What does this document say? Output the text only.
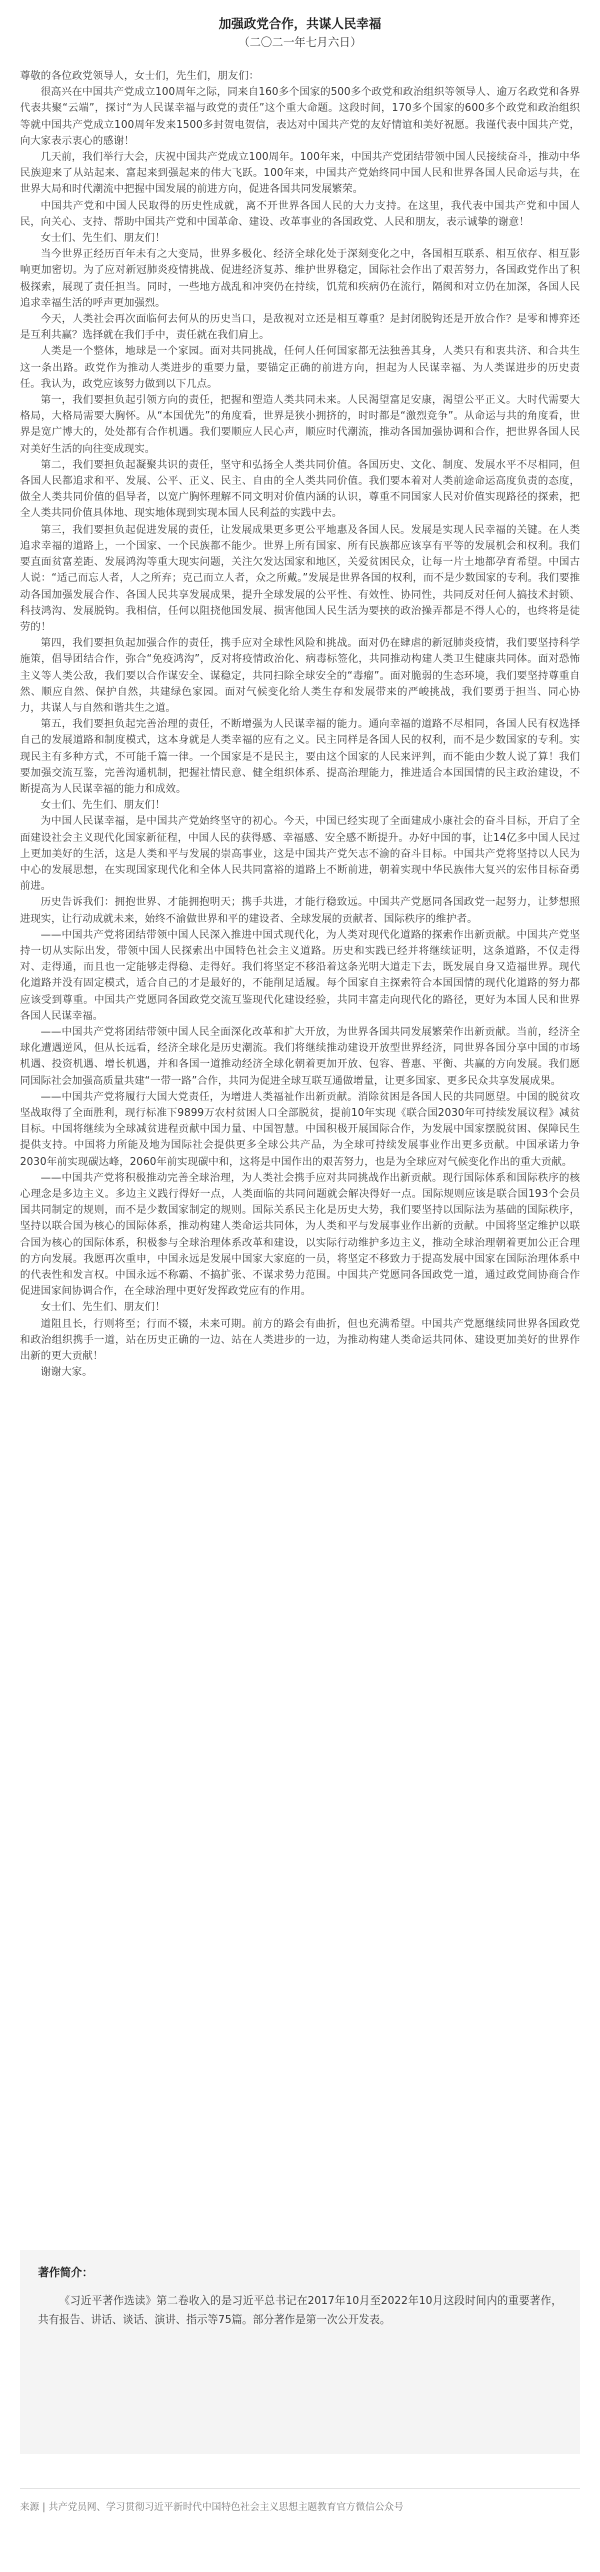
加强政党合作，共谋人民幸福
（二〇二一年七月六日）

尊敬的各位政党领导人，女士们，先生们，朋友们：

很高兴在中国共产党成立100周年之际，同来自160多个国家的500多个政党和政治组织等领导人、逾万名政党和各界代表共聚“云端”，探讨“为人民谋幸福与政党的责任”这个重大命题。这段时间，170多个国家的600多个政党和政治组织等就中国共产党成立100周年发来1500多封贺电贺信，表达对中国共产党的友好情谊和美好祝愿。我谨代表中国共产党，向大家表示衷心的感谢！

几天前，我们举行大会，庆祝中国共产党成立100周年。100年来，中国共产党团结带领中国人民接续奋斗，推动中华民族迎来了从站起来、富起来到强起来的伟大飞跃。100年来，中国共产党始终同中国人民和世界各国人民命运与共，在世界大局和时代潮流中把握中国发展的前进方向，促进各国共同发展繁荣。

中国共产党和中国人民取得的历史性成就，离不开世界各国人民的大力支持。在这里，我代表中国共产党和中国人民，向关心、支持、帮助中国共产党和中国革命、建设、改革事业的各国政党、人民和朋友，表示诚挚的谢意！

女士们、先生们、朋友们！

当今世界正经历百年未有之大变局，世界多极化、经济全球化处于深刻变化之中，各国相互联系、相互依存、相互影响更加密切。为了应对新冠肺炎疫情挑战、促进经济复苏、维护世界稳定，国际社会作出了艰苦努力，各国政党作出了积极探索，展现了责任担当。同时，一些地方战乱和冲突仍在持续，饥荒和疾病仍在流行，隔阂和对立仍在加深，各国人民追求幸福生活的呼声更加强烈。

今天，人类社会再次面临何去何从的历史当口，是敌视对立还是相互尊重？是封闭脱钩还是开放合作？是零和博弈还是互利共赢？选择就在我们手中，责任就在我们肩上。

人类是一个整体，地球是一个家园。面对共同挑战，任何人任何国家都无法独善其身，人类只有和衷共济、和合共生这一条出路。政党作为推动人类进步的重要力量，要锚定正确的前进方向，担起为人民谋幸福、为人类谋进步的历史责任。我认为，政党应该努力做到以下几点。

第一，我们要担负起引领方向的责任，把握和塑造人类共同未来。人民渴望富足安康，渴望公平正义。大时代需要大格局，大格局需要大胸怀。从“本国优先”的角度看，世界是狭小拥挤的，时时都是“激烈竞争”。从命运与共的角度看，世界是宽广博大的，处处都有合作机遇。我们要顺应人民心声，顺应时代潮流，推动各国加强协调和合作，把世界各国人民对美好生活的向往变成现实。

第二，我们要担负起凝聚共识的责任，坚守和弘扬全人类共同价值。各国历史、文化、制度、发展水平不尽相同，但各国人民都追求和平、发展、公平、正义、民主、自由的全人类共同价值。我们要本着对人类前途命运高度负责的态度，做全人类共同价值的倡导者，以宽广胸怀理解不同文明对价值内涵的认识，尊重不同国家人民对价值实现路径的探索，把全人类共同价值具体地、现实地体现到实现本国人民利益的实践中去。

第三，我们要担负起促进发展的责任，让发展成果更多更公平地惠及各国人民。发展是实现人民幸福的关键。在人类追求幸福的道路上，一个国家、一个民族都不能少。世界上所有国家、所有民族都应该享有平等的发展机会和权利。我们要直面贫富差距、发展鸿沟等重大现实问题，关注欠发达国家和地区，关爱贫困民众，让每一片土地都孕育希望。中国古人说：“适己而忘人者，人之所弃；克己而立人者，众之所戴。”发展是世界各国的权利，而不是少数国家的专利。我们要推动各国加强发展合作、各国人民共享发展成果，提升全球发展的公平性、有效性、协同性，共同反对任何人搞技术封锁、科技鸿沟、发展脱钩。我相信，任何以阻挠他国发展、损害他国人民生活为要挟的政治操弄都是不得人心的，也终将是徒劳的！

第四，我们要担负起加强合作的责任，携手应对全球性风险和挑战。面对仍在肆虐的新冠肺炎疫情，我们要坚持科学施策，倡导团结合作，弥合“免疫鸿沟”，反对将疫情政治化、病毒标签化，共同推动构建人类卫生健康共同体。面对恐怖主义等人类公敌，我们要以合作谋安全、谋稳定，共同扫除全球安全的“毒瘤”。面对脆弱的生态环境，我们要坚持尊重自然、顺应自然、保护自然，共建绿色家园。面对气候变化给人类生存和发展带来的严峻挑战，我们要勇于担当、同心协力，共谋人与自然和谐共生之道。

第五，我们要担负起完善治理的责任，不断增强为人民谋幸福的能力。通向幸福的道路不尽相同，各国人民有权选择自己的发展道路和制度模式，这本身就是人类幸福的应有之义。民主同样是各国人民的权利，而不是少数国家的专利。实现民主有多种方式，不可能千篇一律。一个国家是不是民主，要由这个国家的人民来评判，而不能由少数人说了算！我们要加强交流互鉴，完善沟通机制，把握社情民意、健全组织体系、提高治理能力，推进适合本国国情的民主政治建设，不断提高为人民谋幸福的能力和成效。

女士们、先生们、朋友们！

为中国人民谋幸福，是中国共产党始终坚守的初心。今天，中国已经实现了全面建成小康社会的奋斗目标，开启了全面建设社会主义现代化国家新征程，中国人民的获得感、幸福感、安全感不断提升。办好中国的事，让14亿多中国人民过上更加美好的生活，这是人类和平与发展的崇高事业，这是中国共产党矢志不渝的奋斗目标。中国共产党将坚持以人民为中心的发展思想，在实现国家现代化和全体人民共同富裕的道路上不断前进，朝着实现中华民族伟大复兴的宏伟目标奋勇前进。

历史告诉我们：拥抱世界、才能拥抱明天；携手共进，才能行稳致远。中国共产党愿同各国政党一起努力，让梦想照进现实，让行动成就未来，始终不渝做世界和平的建设者、全球发展的贡献者、国际秩序的维护者。

——中国共产党将团结带领中国人民深入推进中国式现代化，为人类对现代化道路的探索作出新贡献。中国共产党坚持一切从实际出发，带领中国人民探索出中国特色社会主义道路。历史和实践已经并将继续证明，这条道路，不仅走得对、走得通，而且也一定能够走得稳、走得好。我们将坚定不移沿着这条光明大道走下去，既发展自身又造福世界。现代化道路并没有固定模式，适合自己的才是最好的，不能削足适履。每个国家自主探索符合本国国情的现代化道路的努力都应该受到尊重。中国共产党愿同各国政党交流互鉴现代化建设经验，共同丰富走向现代化的路径，更好为本国人民和世界各国人民谋幸福。

——中国共产党将团结带领中国人民全面深化改革和扩大开放，为世界各国共同发展繁荣作出新贡献。当前，经济全球化遭遇逆风，但从长远看，经济全球化是历史潮流。我们将继续推动建设开放型世界经济，同世界各国分享中国的市场机遇、投资机遇、增长机遇，并和各国一道推动经济全球化朝着更加开放、包容、普惠、平衡、共赢的方向发展。我们愿同国际社会加强高质量共建“一带一路”合作，共同为促进全球互联互通做增量，让更多国家、更多民众共享发展成果。

——中国共产党将履行大国大党责任，为增进人类福祉作出新贡献。消除贫困是各国人民的共同愿望。中国的脱贫攻坚战取得了全面胜利，现行标准下9899万农村贫困人口全部脱贫，提前10年实现《联合国2030年可持续发展议程》减贫目标。中国将继续为全球减贫进程贡献中国力量、中国智慧。中国积极开展国际合作，为发展中国家摆脱贫困、保障民生提供支持。中国将力所能及地为国际社会提供更多全球公共产品，为全球可持续发展事业作出更多贡献。中国承诺力争2030年前实现碳达峰，2060年前实现碳中和，这将是中国作出的艰苦努力，也是为全球应对气候变化作出的重大贡献。

——中国共产党将积极推动完善全球治理，为人类社会携手应对共同挑战作出新贡献。现行国际体系和国际秩序的核心理念是多边主义。多边主义践行得好一点，人类面临的共同问题就会解决得好一点。国际规则应该是联合国193个会员国共同制定的规则，而不是少数国家制定的规则。国际关系民主化是历史大势，我们要坚持以国际法为基础的国际秩序，坚持以联合国为核心的国际体系，推动构建人类命运共同体，为人类和平与发展事业作出新的贡献。中国将坚定维护以联合国为核心的国际体系，积极参与全球治理体系改革和建设，以实际行动维护多边主义，推动全球治理朝着更加公正合理的方向发展。我愿再次重申，中国永远是发展中国家大家庭的一员，将坚定不移致力于提高发展中国家在国际治理体系中的代表性和发言权。中国永远不称霸、不搞扩张、不谋求势力范围。中国共产党愿同各国政党一道，通过政党间协商合作促进国家间协调合作，在全球治理中更好发挥政党应有的作用。

女士们、先生们、朋友们！

道阻且长，行则将至；行而不辍，未来可期。前方的路会有曲折，但也充满希望。中国共产党愿继续同世界各国政党和政治组织携手一道，站在历史正确的一边、站在人类进步的一边，为推动构建人类命运共同体、建设更加美好的世界作出新的更大贡献！

谢谢大家。

著作简介：

《习近平著作选读》第二卷收入的是习近平总书记在2017年10月至2022年10月这段时间内的重要著作，共有报告、讲话、谈话、演讲、指示等75篇。部分著作是第一次公开发表。

来源 | 共产党员网、学习贯彻习近平新时代中国特色社会主义思想主题教育官方微信公众号
